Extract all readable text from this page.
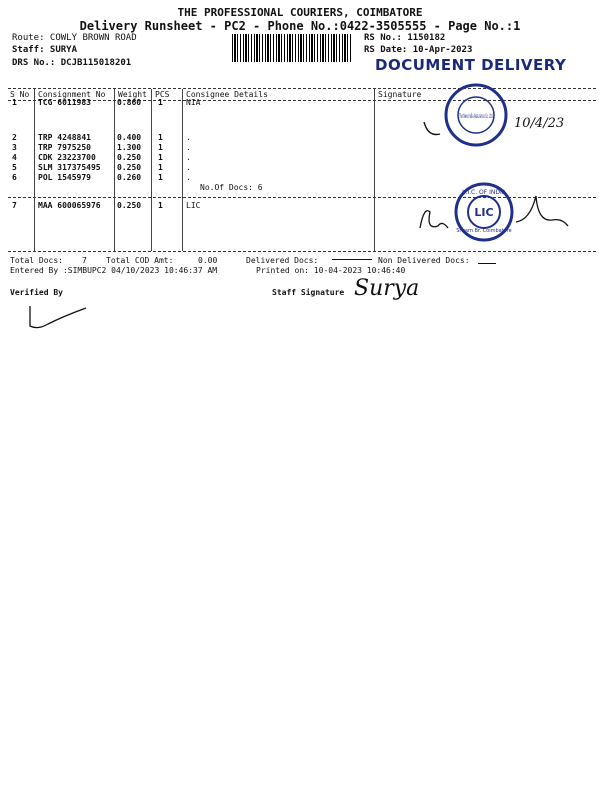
THE PROFESSIONAL COURIERS, COIMBATORE
Delivery Runsheet - PC2 - Phone No.:0422-3505555 - Page No.:1
Route: COWLY BROWN ROAD
Staff: SURYA
DRS No.: DCJB115018201
RS No.: 1150182
RS Date: 10-Apr-2023
DOCUMENT DELIVERY
S No Consignment No Weight PCS Consignee Details	Signature
1	TCG 6011983	0.860 1	NIA
2	TRP 4248841	0.400 1	.
3	TRP 7975250	1.300 1	.
4	CDK 23223700	0.250 1	.
5	SLM 317375495 0.250 1	.
6	POL 1545979	0.260 1	.
No.Of Docs: 6
7	MAA 600065976 0.250 1	LIC
The New India Assurance Co. Ltd. 10/4/23
L.I.C. OF INDIA
LIC
Sriram Br. Coimbatore
Total Docs: 7 Total COD Amt:	0.00	Delivered Docs:	Non Delivered Docs:
Entered By :SIMBUPC2 04/10/2023 10:46:37 AM	Printed on: 10-04-2023 10:46:40
Verified By	Staff Signature Surya
